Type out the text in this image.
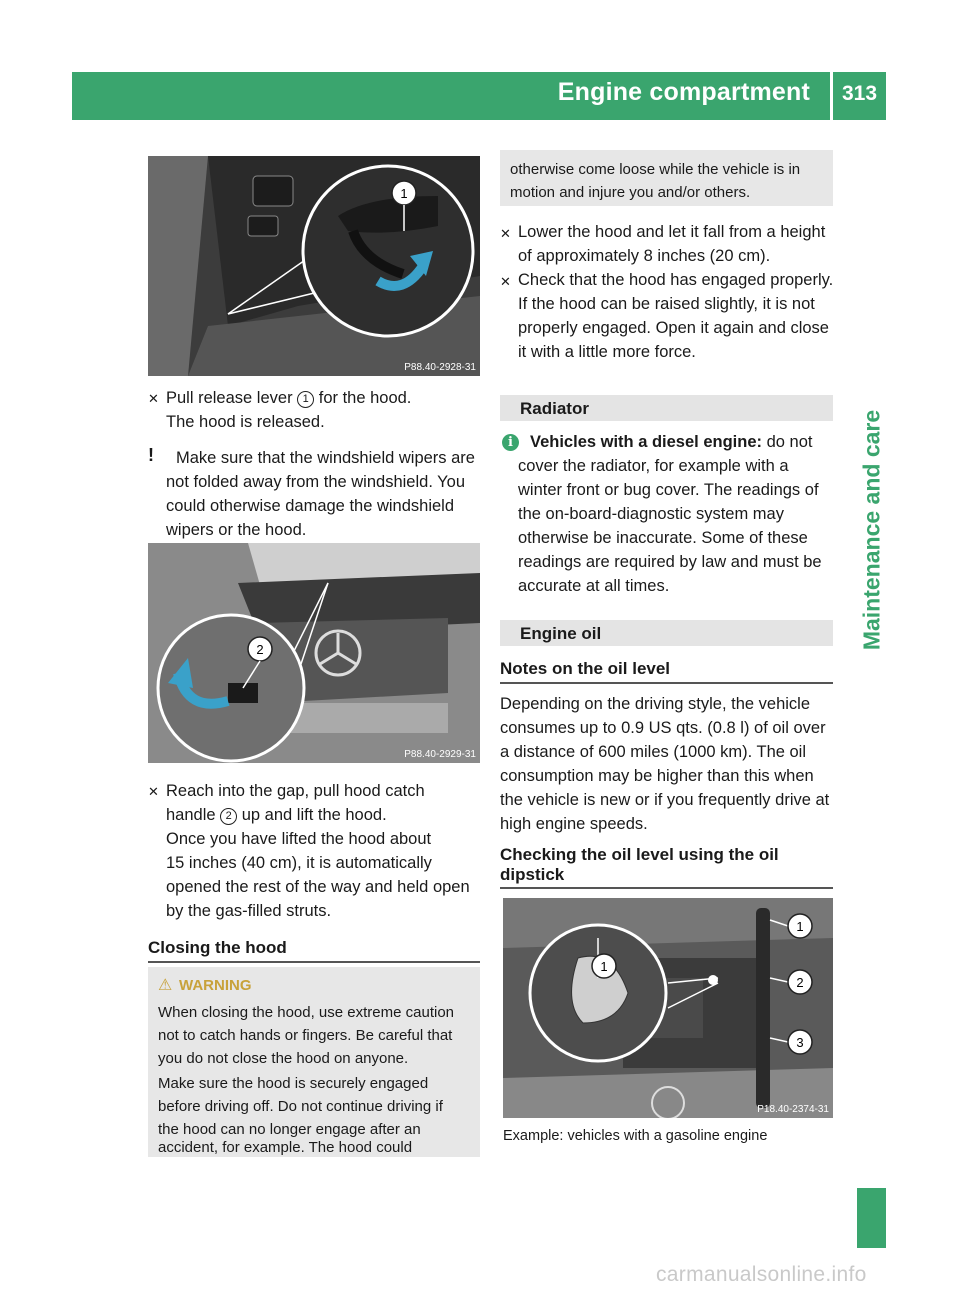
Engine compartment 313
Maintenance and care
1
P88.40-2928-31
✕ Pull release lever 1 for the hood.
The hood is released.
! Make sure that the windshield wipers are
not folded away from the windshield. You
could otherwise damage the windshield
wipers or the hood.
2
P88.40-2929-31
✕ Reach into the gap, pull hood catch
handle 2 up and lift the hood.
Once you have lifted the hood about
15 inches (40 cm), it is automatically
opened the rest of the way and held open
by the gas-filled struts.
Closing the hood
⚠ WARNING
When closing the hood, use extreme caution
not to catch hands or fingers. Be careful that
you do not close the hood on anyone.
Make sure the hood is securely engaged
before driving off. Do not continue driving if
the hood can no longer engage after an
accident, for example. The hood could
otherwise come loose while the vehicle is in
motion and injure you and/or others.
✕ Lower the hood and let it fall from a height
of approximately 8 inches (20 cm).
✕ Check that the hood has engaged properly.
If the hood can be raised slightly, it is not
properly engaged. Open it again and close
it with a little more force.
Radiator
i	Vehicles with a diesel engine: do not
cover the radiator, for example with a
winter front or bug cover. The readings of
the on-board-diagnostic system may
otherwise be inaccurate. Some of these
readings are required by law and must be
accurate at all times.
Engine oil
Notes on the oil level
Depending on the driving style, the vehicle
consumes up to 0.9 US qts. (0.8 l) of oil over
a distance of 600 miles (1000 km). The oil
consumption may be higher than this when
the vehicle is new or if you frequently drive at
high engine speeds.
Checking the oil level using the oil
dipstick
1
1
2
3
P18.40-2374-31
Example: vehicles with a gasoline engine
carmanualsonline.info
